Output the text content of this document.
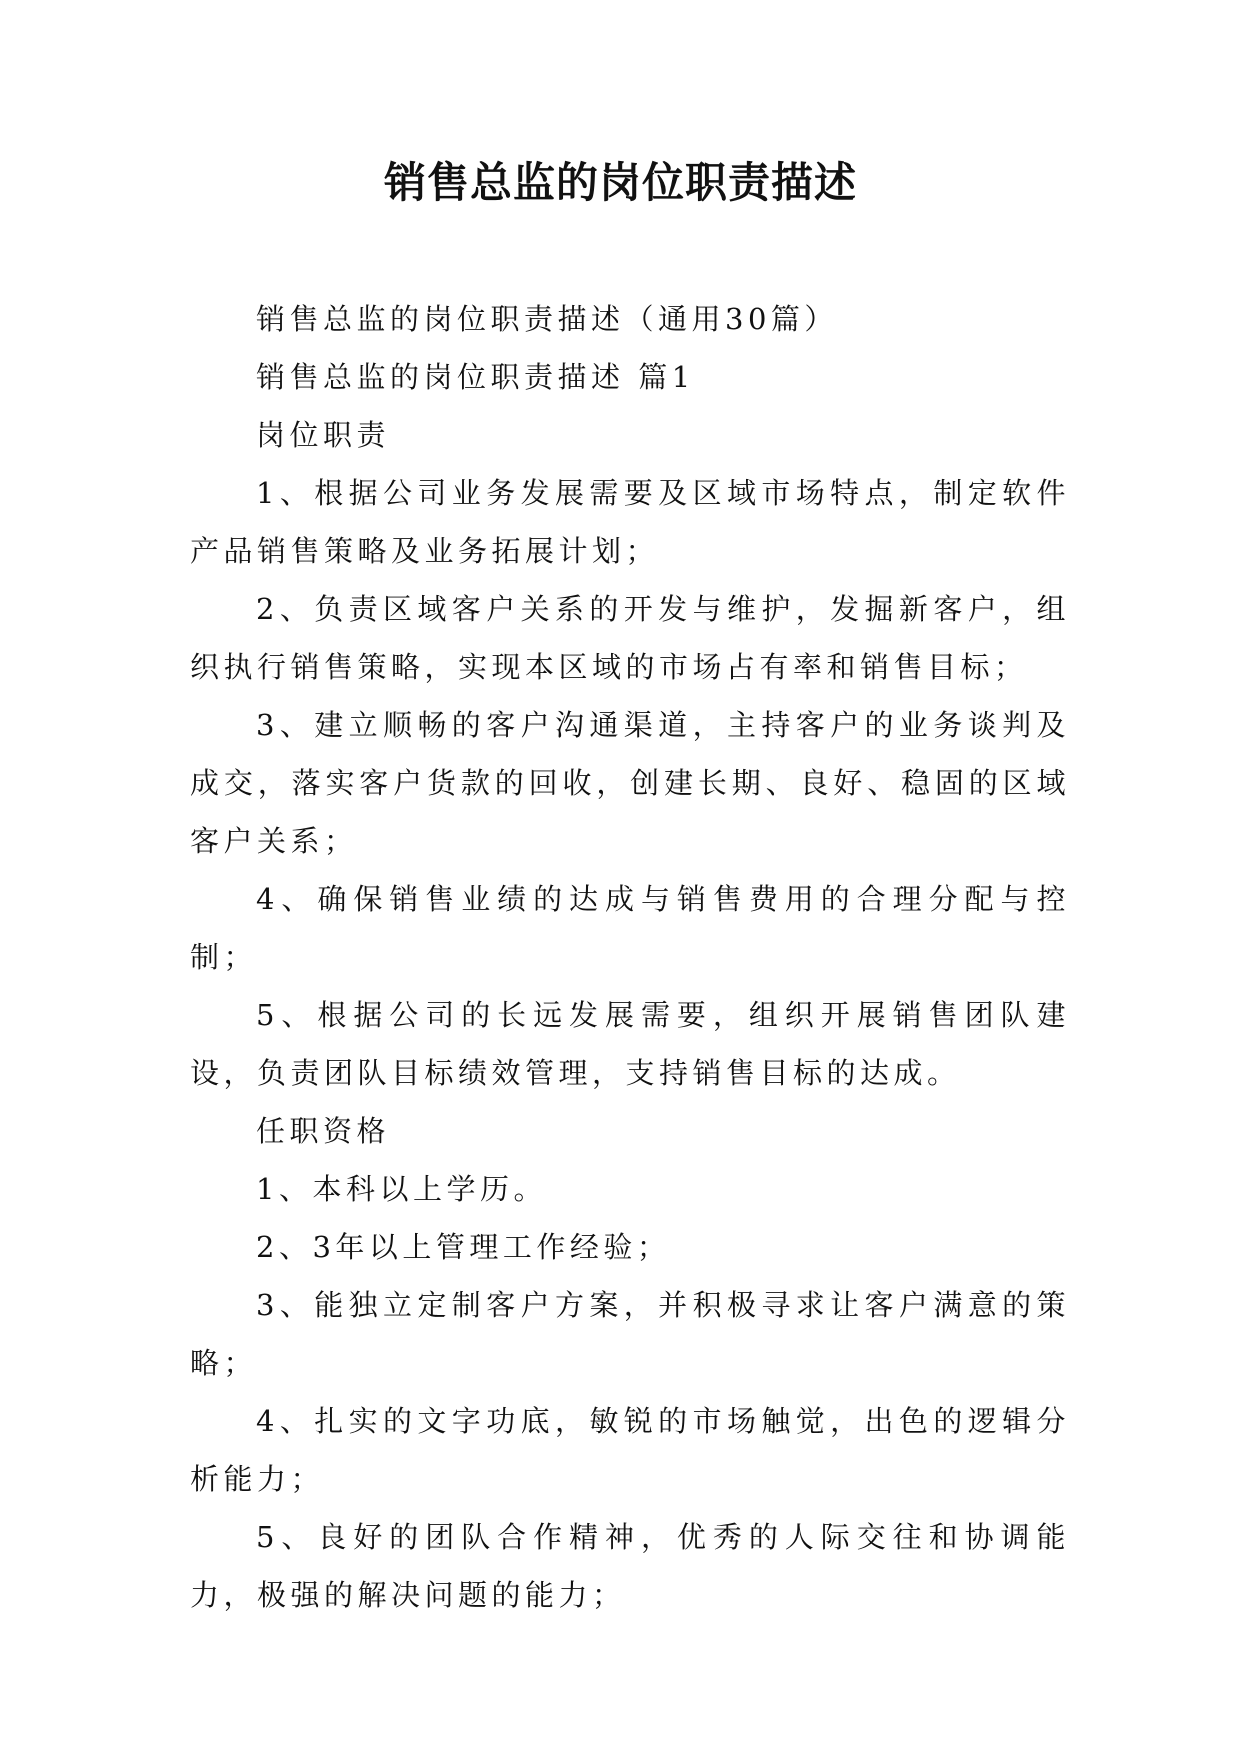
销售总监的岗位职责描述

销售总监的岗位职责描述（通用30篇）

销售总监的岗位职责描述 篇1

岗位职责

1、根据公司业务发展需要及区域市场特点，制定软件产品销售策略及业务拓展计划；

2、负责区域客户关系的开发与维护，发掘新客户，组织执行销售策略，实现本区域的市场占有率和销售目标；

3、建立顺畅的客户沟通渠道，主持客户的业务谈判及成交，落实客户货款的回收，创建长期、良好、稳固的区域客户关系；

4、确保销售业绩的达成与销售费用的合理分配与控制；

5、根据公司的长远发展需要，组织开展销售团队建设，负责团队目标绩效管理，支持销售目标的达成。

任职资格

1、本科以上学历。

2、3年以上管理工作经验；

3、能独立定制客户方案，并积极寻求让客户满意的策略；

4、扎实的文字功底，敏锐的市场触觉，出色的逻辑分析能力；

5、良好的团队合作精神，优秀的人际交往和协调能力，极强的解决问题的能力；
